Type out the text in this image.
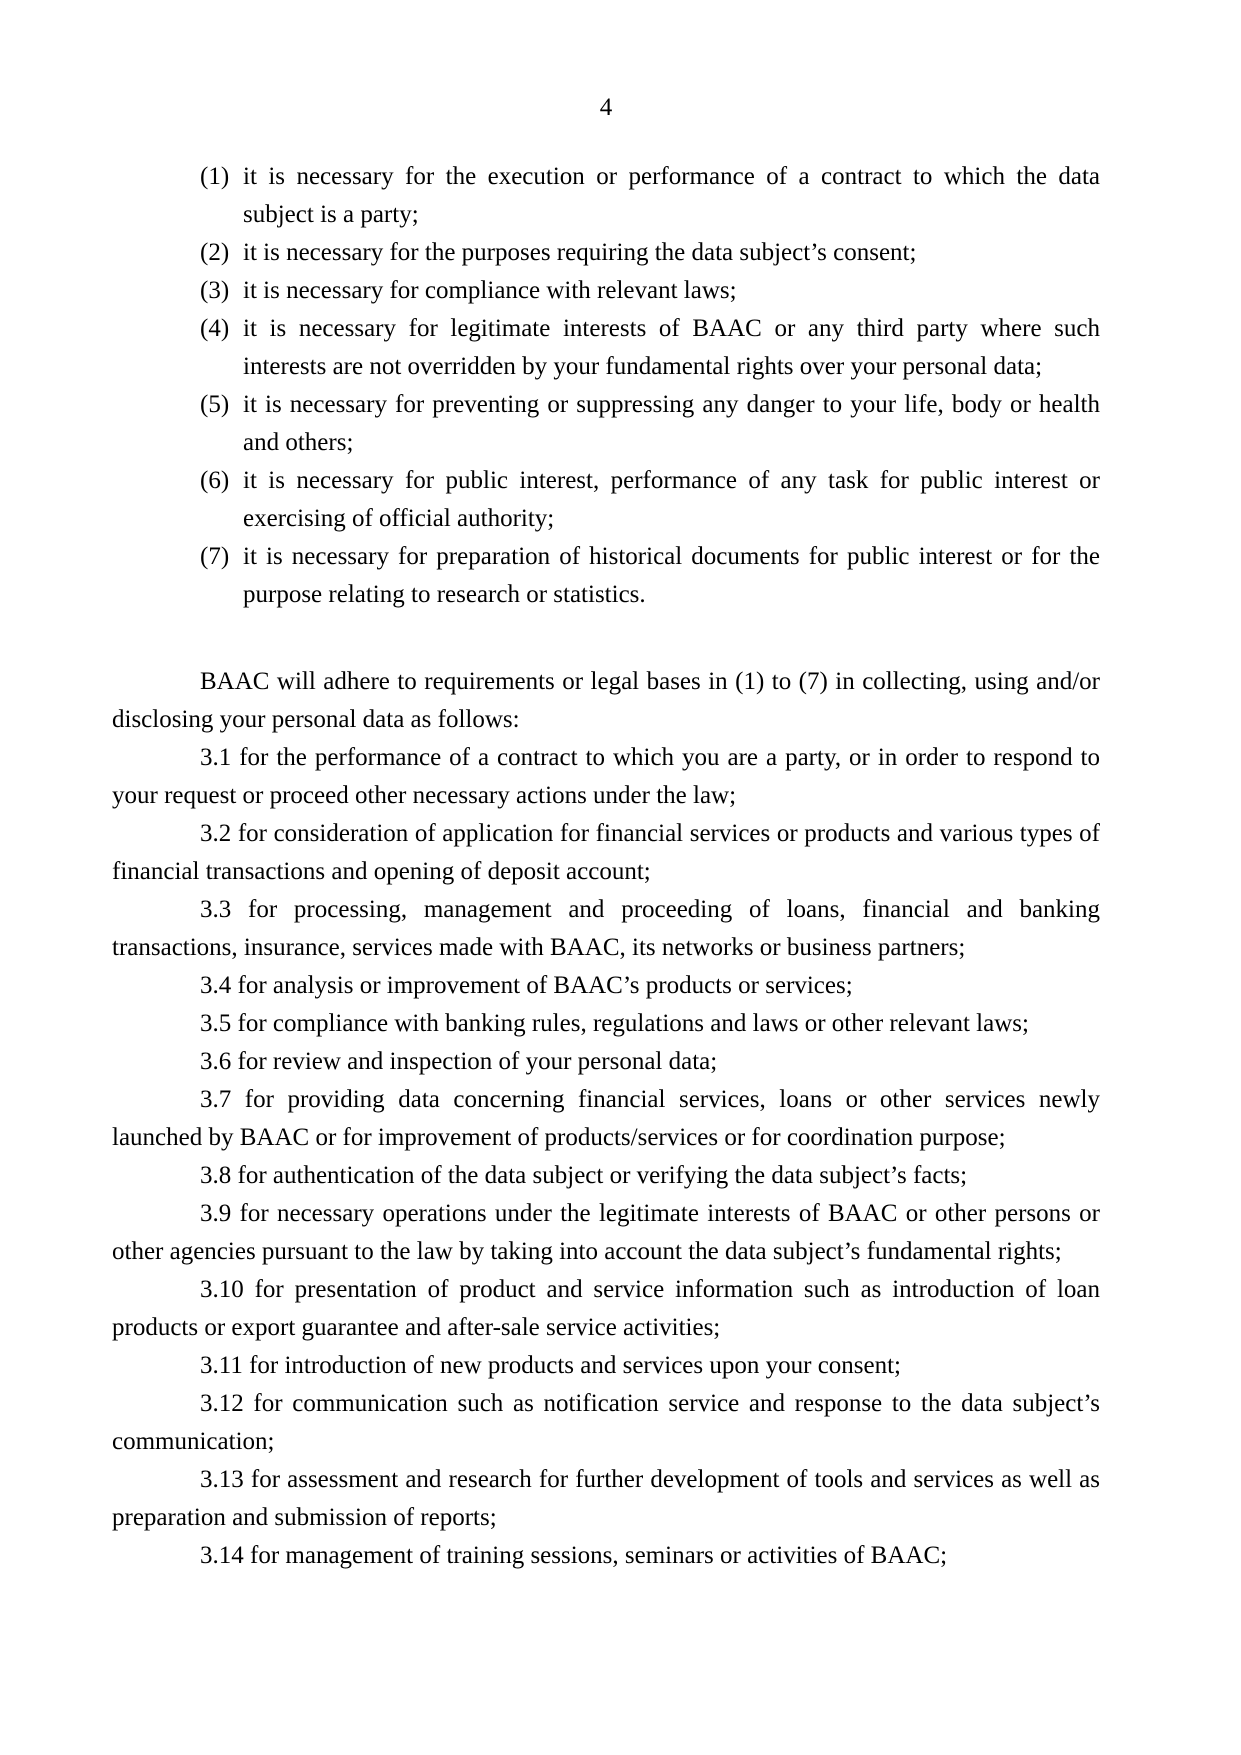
4
(1) it is necessary for the execution or performance of a contract to which the data subject is a party;
(2) it is necessary for the purposes requiring the data subject’s consent;
(3) it is necessary for compliance with relevant laws;
(4) it is necessary for legitimate interests of BAAC or any third party where such interests are not overridden by your fundamental rights over your personal data;
(5) it is necessary for preventing or suppressing any danger to your life, body or health and others;
(6) it is necessary for public interest, performance of any task for public interest or exercising of official authority;
(7) it is necessary for preparation of historical documents for public interest or for the purpose relating to research or statistics.
BAAC will adhere to requirements or legal bases in (1) to (7) in collecting, using and/or disclosing your personal data as follows:
3.1 for the performance of a contract to which you are a party, or in order to respond to your request or proceed other necessary actions under the law;
3.2 for consideration of application for financial services or products and various types of financial transactions and opening of deposit account;
3.3 for processing, management and proceeding of loans, financial and banking transactions, insurance, services made with BAAC, its networks or business partners;
3.4 for analysis or improvement of BAAC’s products or services;
3.5 for compliance with banking rules, regulations and laws or other relevant laws;
3.6 for review and inspection of your personal data;
3.7 for providing data concerning financial services, loans or other services newly launched by BAAC or for improvement of products/services or for coordination purpose;
3.8 for authentication of the data subject or verifying the data subject’s facts;
3.9 for necessary operations under the legitimate interests of BAAC or other persons or other agencies pursuant to the law by taking into account the data subject’s fundamental rights;
3.10 for presentation of product and service information such as introduction of loan products or export guarantee and after-sale service activities;
3.11 for introduction of new products and services upon your consent;
3.12 for communication such as notification service and response to the data subject’s communication;
3.13 for assessment and research for further development of tools and services as well as preparation and submission of reports;
3.14 for management of training sessions, seminars or activities of BAAC;
